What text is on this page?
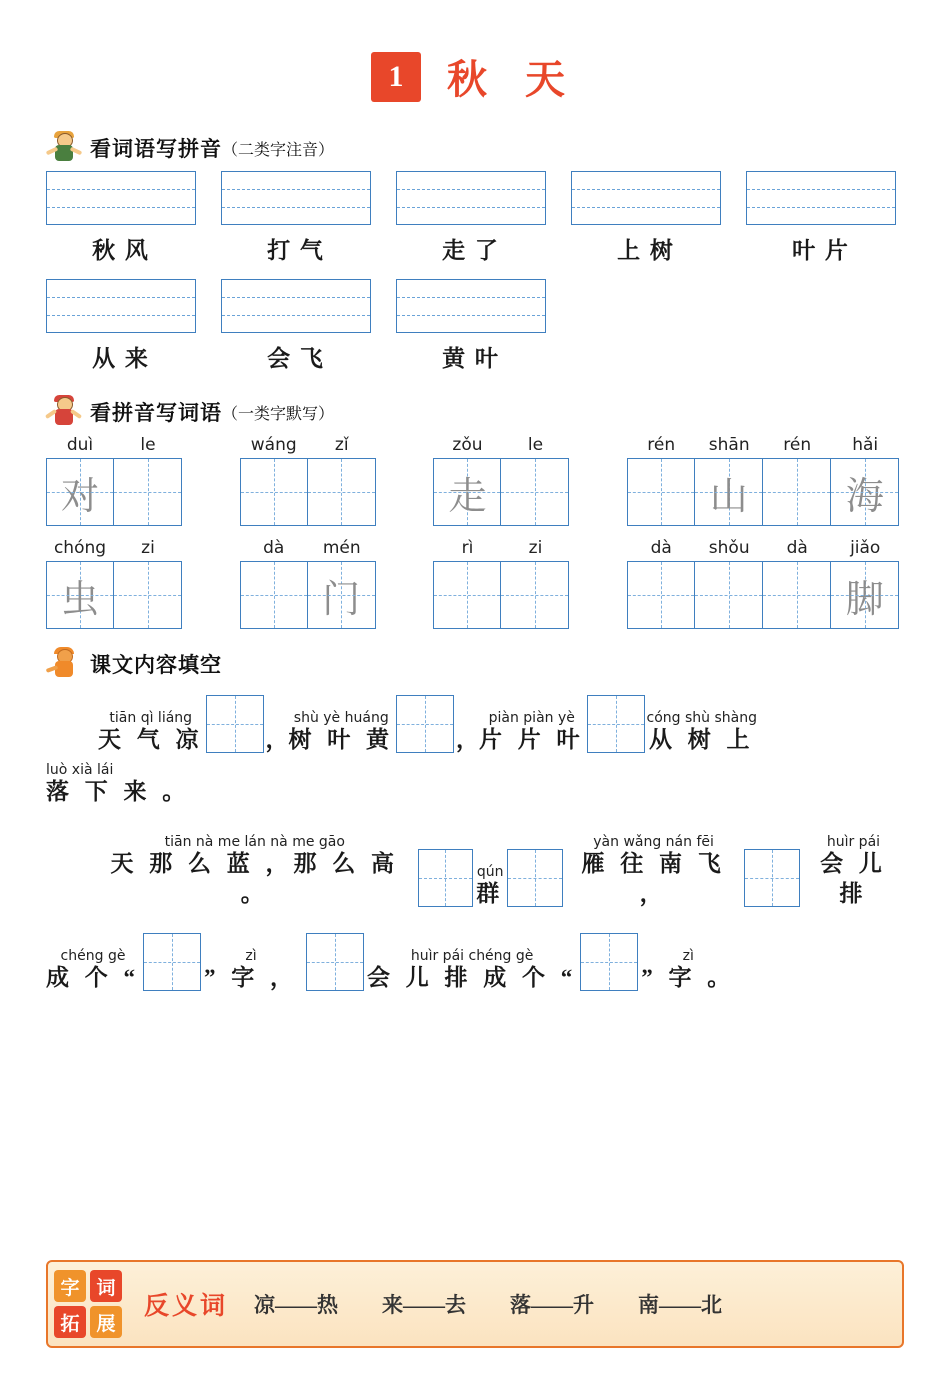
1	秋 天
看词语写拼音 （二类字注音）
秋 风	打 气	走 了	上 树	叶 片
从 来	会 飞	黄 叶
看拼音写词语 （一类字默写）
duì	le
对
wáng	zǐ	zǒu	le
走
rén	shān	rén	hǎi
山	海
chóng	zi
虫
dà	mén
门
rì	zi	dà	shǒu	dà	jiǎo
脚
课文内容填空
tiān qì liáng
天 气 凉	，
shù yè huáng
树 叶 黄	，
piàn piàn yè
片 片 叶
cóng shù shàng
从 树 上
luò xià lái
落 下 来 。
tiān nà me lán nà me gāo
天 那 么 蓝 ，那 么 高 。
qún
群
yàn wǎng nán fēi
雁 往 南 飞 ，
huìr pái
会 儿 排
chéng gè
成 个 “
zì
” 字 ，
huìr pái chéng gè
会 儿 排 成 个 “
zì
” 字 。
字 词
拓 展
反义词 凉——热 来——去 落——升 南——北
